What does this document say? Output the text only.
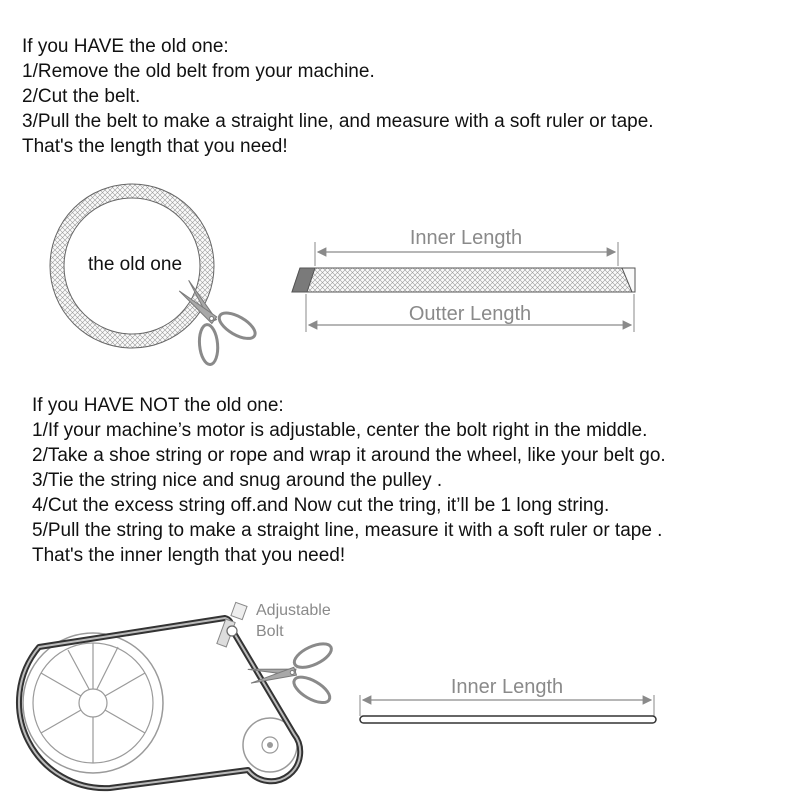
If you HAVE the old one:
1/Remove the old belt from your machine.
2/Cut the belt.
3/Pull the belt to make a straight line, and measure with a soft ruler or tape.
That's the length that you need!
If you HAVE NOT the old one:
1/If your machine’s motor is adjustable, center the bolt right in the middle.
2/Take a shoe string or rope and wrap it around the wheel, like your belt go.
3/Tie the string nice and snug around the pulley .
4/Cut the excess string off.and Now cut the tring, it’ll be 1 long string.
5/Pull the string to make a straight line, measure it with a soft ruler or tape .
That's the inner length that you need!
the old one
Inner Length
Outter Length
Adjustable
Bolt
Inner Length
